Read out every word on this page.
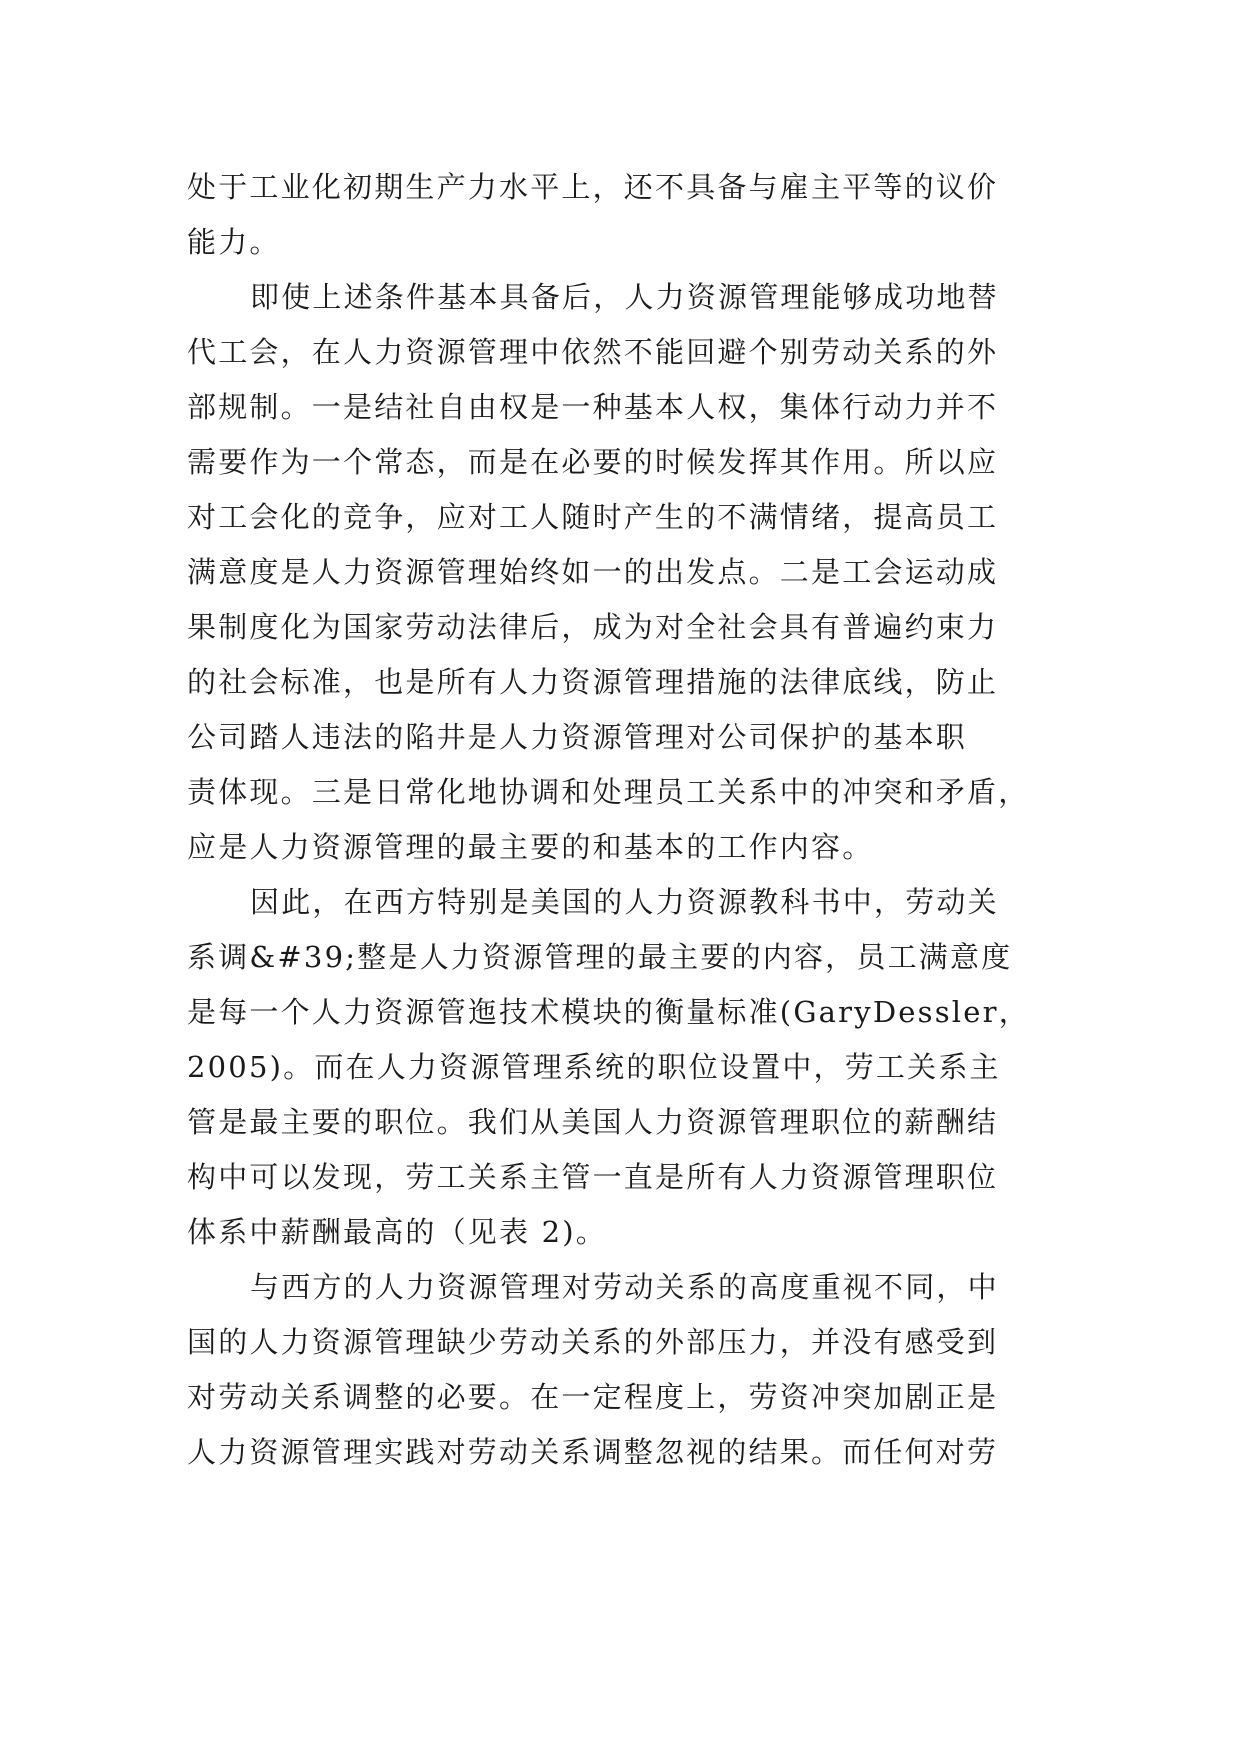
处于工业化初期生产力水平上，还不具备与雇主平等的议价
能力。
即使上述条件基本具备后，人力资源管理能够成功地替
代工会，在人力资源管理中依然不能回避个别劳动关系的外
部规制。一是结社自由权是一种基本人权，集体行动力并不
需要作为一个常态，而是在必要的时候发挥其作用。所以应
对工会化的竞争，应对工人随时产生的不满情绪，提高员工
满意度是人力资源管理始终如一的出发点。二是工会运动成
果制度化为国家劳动法律后，成为对全社会具有普遍约束力
的社会标准，也是所有人力资源管理措施的法律底线，防止
公司踏人违法的陷井是人力资源管理对公司保护的基本职
责体现。三是日常化地协调和处理员工关系中的冲突和矛盾，
应是人力资源管理的最主要的和基本的工作内容。
因此，在西方特别是美国的人力资源教科书中，劳动关
系调&#39;整是人力资源管理的最主要的内容，员工满意度
是每一个人力资源管迤技术模块的衡量标准(GaryDessler，
2005)。而在人力资源管理系统的职位设置中，劳工关系主
管是最主要的职位。我们从美国人力资源管理职位的薪酬结
构中可以发现，劳工关系主管一直是所有人力资源管理职位
体系中薪酬最高的（见表 2)。
与西方的人力资源管理对劳动关系的高度重视不同，中
国的人力资源管理缺少劳动关系的外部压力，并没有感受到
对劳动关系调整的必要。在一定程度上，劳资冲突加剧正是
人力资源管理实践对劳动关系调整忽视的结果。而任何对劳
